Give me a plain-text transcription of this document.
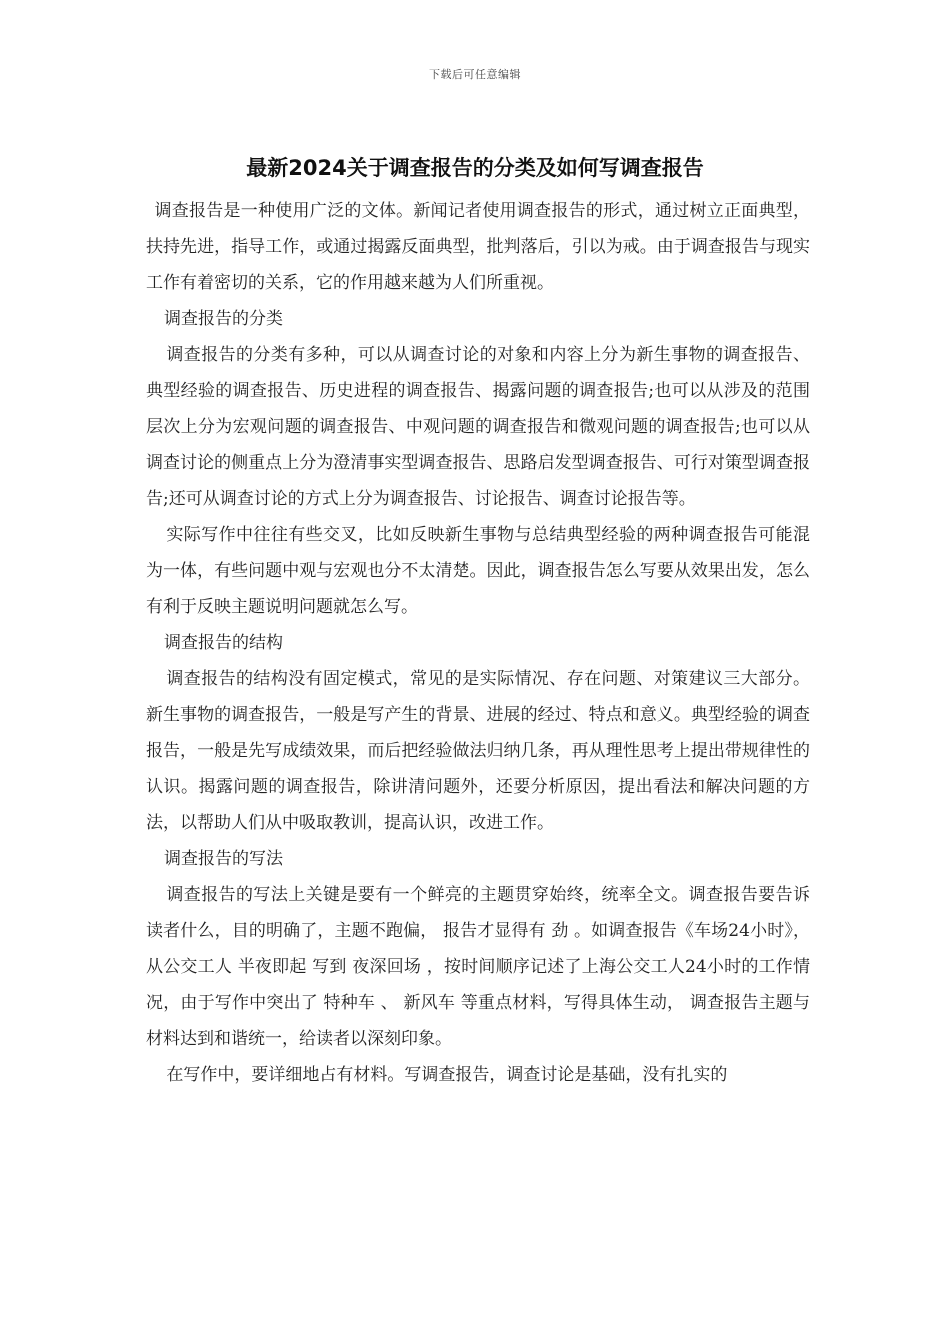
下载后可任意编辑
最新2024关于调查报告的分类及如何写调查报告

调查报告是一种使用广泛的文体。新闻记者使用调查报告的形式，通过树立正面典型，扶持先进，指导工作，或通过揭露反面典型，批判落后，引以为戒。由于调查报告与现实工作有着密切的关系，它的作用越来越为人们所重视。

调查报告的分类

调查报告的分类有多种，可以从调查讨论的对象和内容上分为新生事物的调查报告、典型经验的调查报告、历史进程的调查报告、揭露问题的调查报告;也可以从涉及的范围层次上分为宏观问题的调查报告、中观问题的调查报告和微观问题的调查报告;也可以从 调查讨论的侧重点上分为澄清事实型调查报告、思路启发型调查报告、可行对策型调查报告;还可从调查讨论的方式上分为调查报告、讨论报告、调查讨论报告等。

实际写作中往往有些交叉，比如反映新生事物与总结典型经验的两种调查报告可能混为一体，有些问题中观与宏观也分不太清楚。因此，调查报告怎么写要从效果出发，怎么有利于反映主题说明问题就怎么写。

调查报告的结构

调查报告的结构没有固定模式，常见的是实际情况、存在问题、对策建议三大部分。新生事物的调查报告，一般是写产生的背景、进展的经过、特点和意义。典型经验的调查报告，一般是先写成绩效果，而后把经验做法归纳几条，再从理性思考上提出带规律性的认识。揭露问题的调查报告，除讲清问题外，还要分析原因，提出看法和解决问题的方法，以帮助人们从中吸取教训，提高认识，改进工作。

调查报告的写法

调查报告的写法上关键是要有一个鲜亮的主题贯穿始终，统率全文。调查报告要告诉读者什么，目的明确了，主题不跑偏， 报告才显得有 劲 。如调查报告《车场24小时》，从公交工人 半夜即起 写到 夜深回场 ，按时间顺序记述了上海公交工人24小时的工作情况，由于写作中突出了 特种车 、 新风车 等重点材料，写得具体生动， 调查报告主题与材料达到和谐统一，给读者以深刻印象。

在写作中，要详细地占有材料。写调查报告，调查讨论是基础，没有扎实的
